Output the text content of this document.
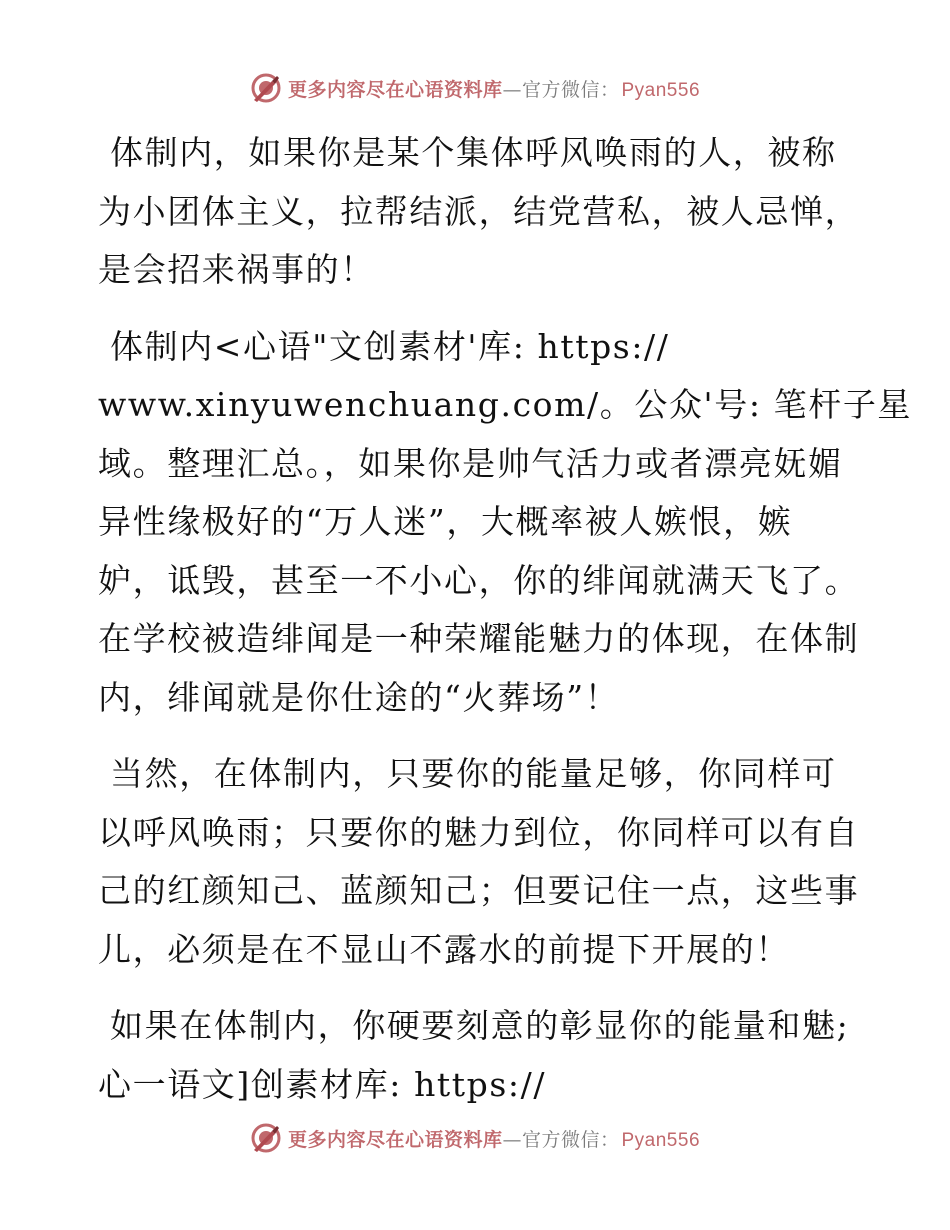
更多内容尽在心语资料库—官方微信： Pyan556

体制内，如果你是某个集体呼风唤雨的人，被称
为小团体主义，拉帮结派，结党营私，被人忌惮，
是会招来祸事的！

体制内<心语"文创素材'库: https://
www.xinyuwenchuang.com/。公众'号: 笔杆子星
域。整理汇总。，如果你是帅气活力或者漂亮妩媚
异性缘极好的“万人迷”，大概率被人嫉恨，嫉
妒，诋毁，甚至一不小心，你的绯闻就满天飞了。
在学校被造绯闻是一种荣耀能魅力的体现，在体制
内，绯闻就是你仕途的“火葬场”！

当然，在体制内，只要你的能量足够，你同样可
以呼风唤雨；只要你的魅力到位，你同样可以有自
己的红颜知己、蓝颜知己；但要记住一点，这些事
儿，必须是在不显山不露水的前提下开展的！

如果在体制内，你硬要刻意的彰显你的能量和魅;
心一语文]创素材库: https://

更多内容尽在心语资料库—官方微信： Pyan556
